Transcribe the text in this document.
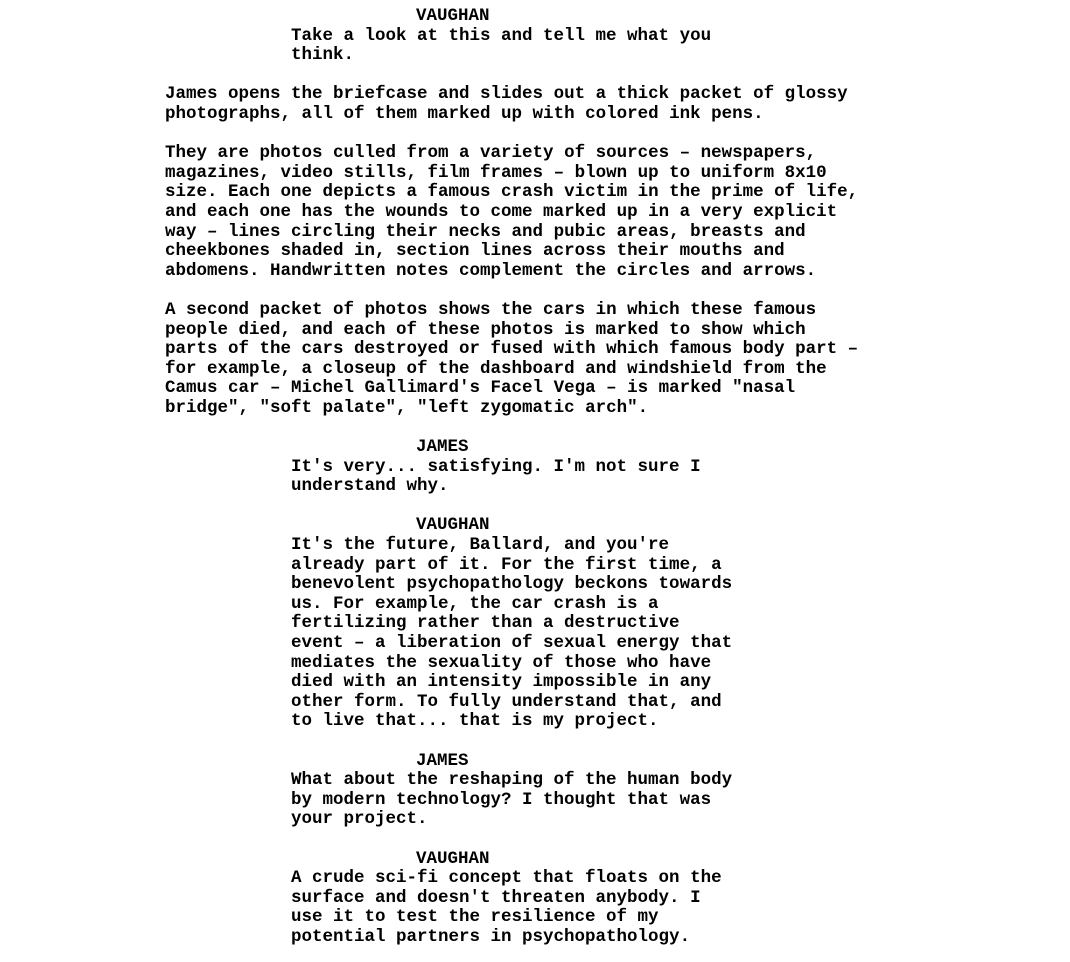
VAUGHAN
Take a look at this and tell me what you
think.
James opens the briefcase and slides out a thick packet of glossy
photographs, all of them marked up with colored ink pens.
They are photos culled from a variety of sources – newspapers,
magazines, video stills, film frames – blown up to uniform 8x10
size. Each one depicts a famous crash victim in the prime of life,
and each one has the wounds to come marked up in a very explicit
way – lines circling their necks and pubic areas, breasts and
cheekbones shaded in, section lines across their mouths and
abdomens. Handwritten notes complement the circles and arrows.
A second packet of photos shows the cars in which these famous
people died, and each of these photos is marked to show which
parts of the cars destroyed or fused with which famous body part –
for example, a closeup of the dashboard and windshield from the
Camus car – Michel Gallimard's Facel Vega – is marked "nasal
bridge", "soft palate", "left zygomatic arch".
JAMES
It's very... satisfying. I'm not sure I
understand why.
VAUGHAN
It's the future, Ballard, and you're
already part of it. For the first time, a
benevolent psychopathology beckons towards
us. For example, the car crash is a
fertilizing rather than a destructive
event – a liberation of sexual energy that
mediates the sexuality of those who have
died with an intensity impossible in any
other form. To fully understand that, and
to live that... that is my project.
JAMES
What about the reshaping of the human body
by modern technology? I thought that was
your project.
VAUGHAN
A crude sci-fi concept that floats on the
surface and doesn't threaten anybody. I
use it to test the resilience of my
potential partners in psychopathology.
